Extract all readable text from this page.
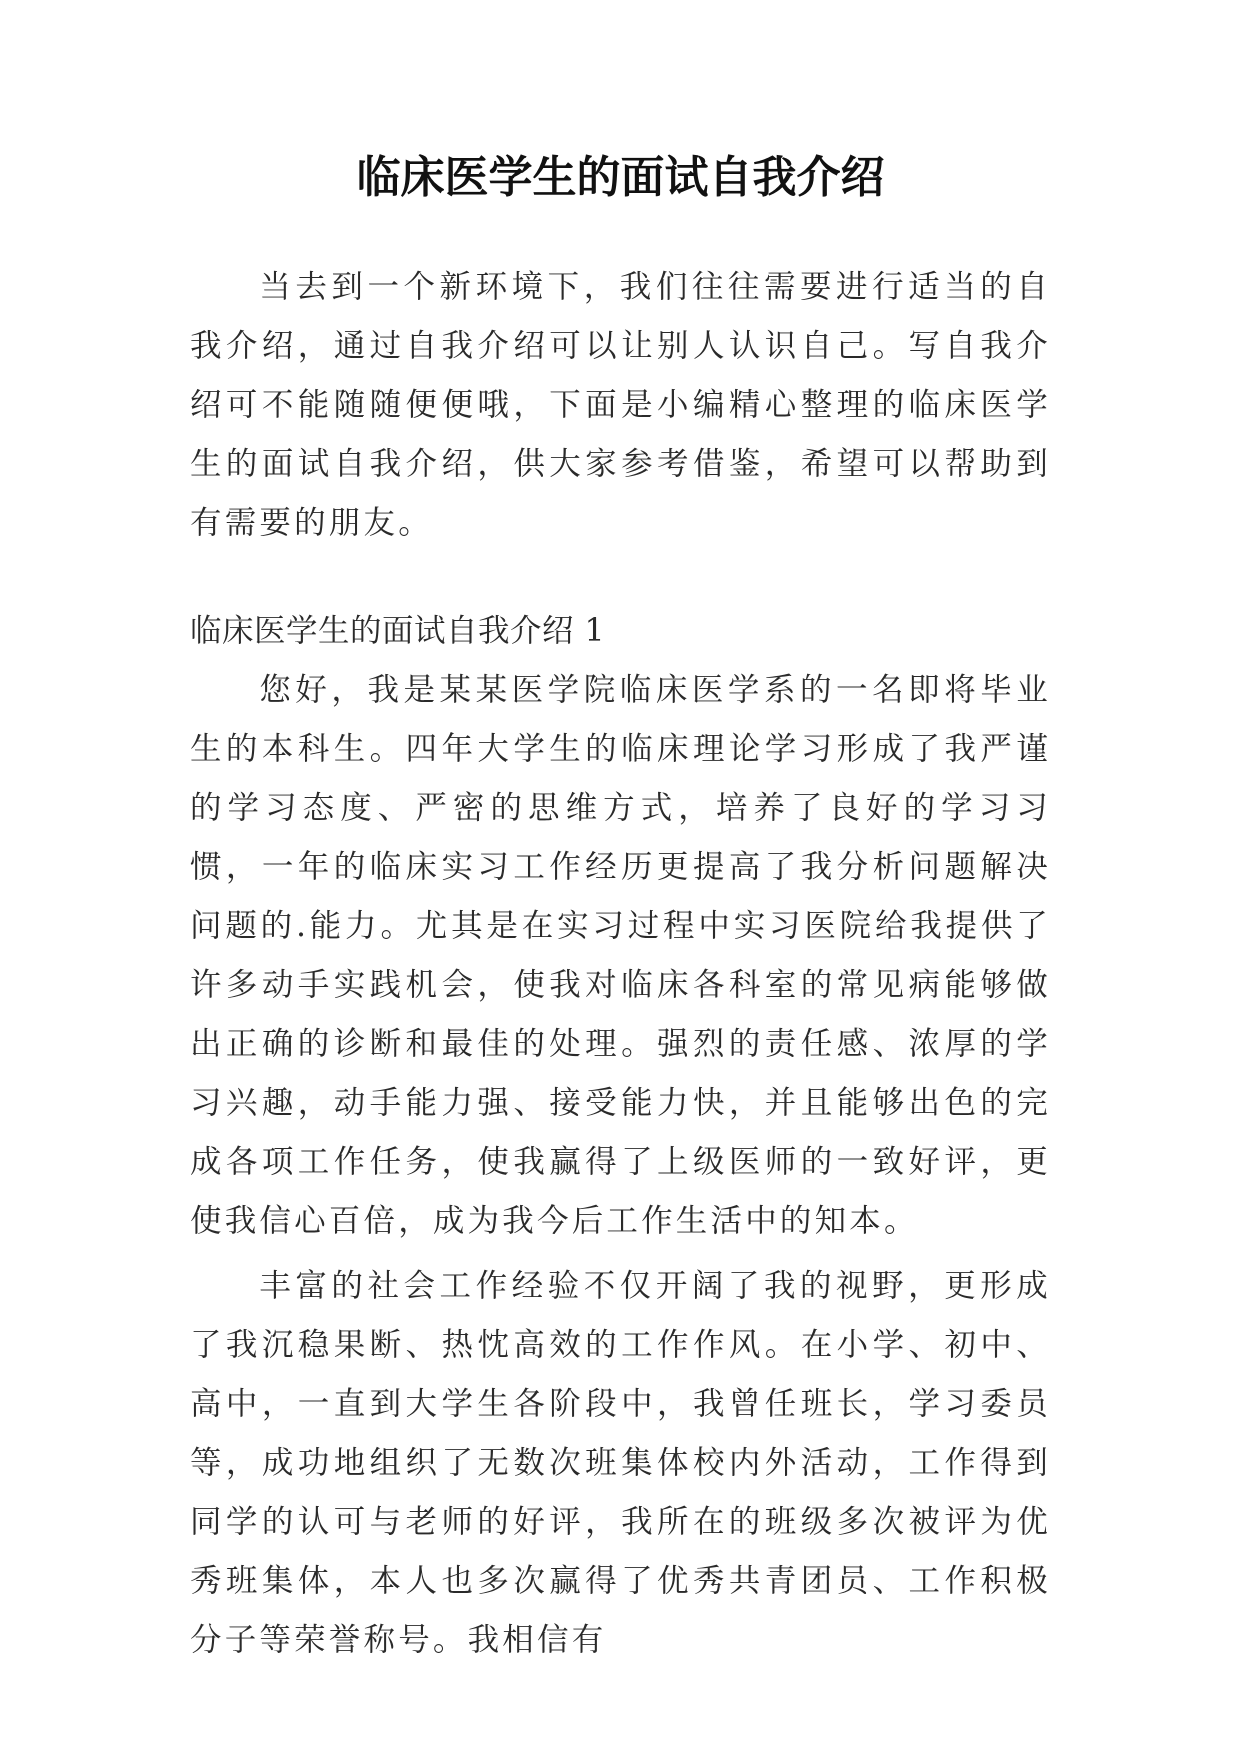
临床医学生的面试自我介绍

当去到一个新环境下，我们往往需要进行适当的自我介绍，通过自我介绍可以让别人认识自己。写自我介绍可不能随随便便哦，下面是小编精心整理的临床医学生的面试自我介绍，供大家参考借鉴，希望可以帮助到有需要的朋友。

临床医学生的面试自我介绍 1

您好，我是某某医学院临床医学系的一名即将毕业生的本科生。四年大学生的临床理论学习形成了我严谨的学习态度、严密的思维方式，培养了良好的学习习惯，一年的临床实习工作经历更提高了我分析问题解决问题的.能力。尤其是在实习过程中实习医院给我提供了许多动手实践机会，使我对临床各科室的常见病能够做出正确的诊断和最佳的处理。强烈的责任感、浓厚的学习兴趣，动手能力强、接受能力快，并且能够出色的完成各项工作任务，使我赢得了上级医师的一致好评，更使我信心百倍，成为我今后工作生活中的知本。

丰富的社会工作经验不仅开阔了我的视野，更形成了我沉稳果断、热忱高效的工作作风。在小学、初中、高中，一直到大学生各阶段中，我曾任班长，学习委员等，成功地组织了无数次班集体校内外活动，工作得到同学的认可与老师的好评，我所在的班级多次被评为优秀班集体，本人也多次赢得了优秀共青团员、工作积极分子等荣誉称号。我相信有
